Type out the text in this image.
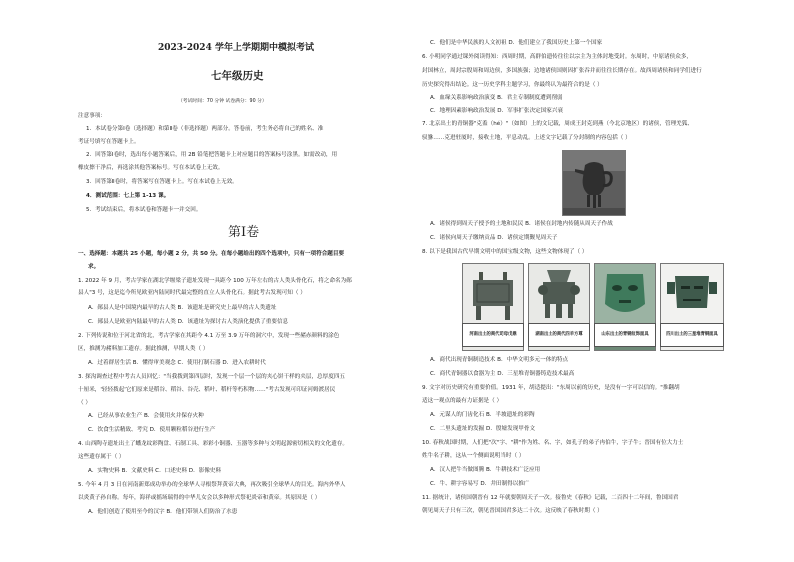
2023-2024 学年上学期期中模拟考试
七年级历史
（考试时间：70 分钟 试卷满分：90 分）
注意事项：
1．本试卷分第Ⅰ卷（选择题）和第Ⅱ卷（非选择题）两部分。答卷前，考生务必将自己的姓名、准
考证号填写在答题卡上。
2．回答第Ⅰ卷时，选出每小题答案后，用 2B 铅笔把答题卡上对应题目的答案标号涂黑。如需改动，用
橡皮擦干净后，再选涂其他答案标号。写在本试卷上无效。
3．回答第Ⅱ卷时，将答案写在答题卡上。写在本试卷上无效。
4．测试范围：七上第 1-13 课。
5．考试结束后，将本试卷和答题卡一并交回。
第Ⅰ卷
一、选择题：本题共 25 小题，每小题 2 分，共 50 分。在每小题给出的四个选项中，只有一项符合题目要
求。
1. 2022 年 9 月，考古学家在湖北学堰梁子遗址发现一具距今 100 万年左右的古人类头骨化石，将之命名为郧
县人"3 号，这是迄今所见欧亚内陆同时代最完整的直立人头骨化石。据此考古发现可知（ ）
A．郧县人是中国境内最早的古人类 B．该遗址是研究史上最早的古人类遗址
C．郧县人是欧亚内陆最早的古人类 D．该遗址为探讨古人类演化提供了重要信息
2. 下列传说和位于河北省的北，考古学家在其距今 4.1 万至 3.9 万年的洞穴中，发现一些赭赤颜料的涂色
区，推测为赭料加工遗存。据此推测，早期人类（ ）
A．过着群居生活 B．懂得审美观念 C．使用打制石器 D．进入农耕时代
3. 探沟调查过程中考古人员回忆："当我拨到第四层时，发现一个层一个层的夹心饼干样的夹层，总厚度四五
十厘米，'轻轻拨起'它们原来是稻谷、稻谷、谷壳、稻叶、稻杆等朽积物……"考古发现可印证河姆渡居民
（ ）
A．已经从事农业生产 B．会使用火并保存火种
C．饮食生活精致、考究 D．使用颗粒稻谷进行生产
4. 山西陶寺遗址出土了蟠龙纹彩陶盘、石制工具、彩彩小铜器、玉器等多种与文明起源密切相关的文化遗存。
这些遗存属于（ ）
A．实物史料 B．文献史料 C．口述史料 D．影像史料
5. 今年 4 月 3 日在河南新郑成功举办的全球华人寻根祭拜黄帝大典，再次吸引全球华人的目光。海内外华人
以炎黄子孙自称。每年，海祥或摇场瑞得的中华儿女会以多种形式祭祀炎帝和黄帝。其原因是（ ）
A．他们创造了使用至今的汉字 B．他们带领人们防治了水患
C．他们是中华民族的人文初祖 D．他们建立了我国历史上第一个国家
6. 小明同学通过课外阅读得知：西周时期，高群伯遗传往往以宗主为主体封地受封。东周时，中原诸侯众多，
封国林立，周封宗殷周和周边侯，多国族强；边地诸侯国则因扩张吞并而往往长期存在。故西周诸侯和同学们进行
历史探究得出结论。这一历史学科主题学习，你最终认为最符合的是（ ）
A．血缘关系影响政治演变 B．君主专制制度遭到削弱
C．地理因素影响政治发展 D．军事扩张决定国家兴衰
7. 北京出土的青铜器"克盉（hé）"（如图）上的文记载，周成王封克到燕（今北京地区）的诸侯，管理羌狐、
驭貅……克进驻厦时，接收土地，平息动乱。上述文字记载了分封制的内容包括（ ）
A．诸侯得到周天子授予的土地和民民 B．诸侯在封地内传随从周天子作战
C．诸侯向周天子缴纳贡品 D．诸侯定期觐见周天子
8. 以下是我国古代早期文明中的国宝级文物，这些文物体现了（ ）
河南出土的商代司母戊鼎	湖南出土的商代四羊方尊	山东出土的青铜纹饰面具	四川出土的三星堆青铜面具
A．商代出现青铜制造技术 B．中华文明多元一体的特点
C．商代青铜器以食器为主 D．三星堆青铜器铸造技术最高
9. 文字对历史研究有重要价值。1931 年，胡适提出："东周以前的历史，是没有一字可以信的。"推翻胡
适这一观点的最有力证据是（ ）
A．元谋人的门齿化石 B．半坡遗址的彩陶
C．二里头遗址的发掘 D．殷墟发现甲骨文
10. 春秋战国时期，人们把"次"字、"耕"作为姓、名、字，如孔子的弟子冉伯牛，字子牛；晋国有位大力士
姓牛名子耕，这从一个侧面说明当时（ ）
A．汉人把牛当做图腾 B．牛耕技术广泛应用
C．牛、耕字容易写 D．井田制得以推广
11. 据统计，诸侯国朝晋有 12 年就要朝周天子一次。接鲁史《春秋》记载，二百四十二年间，鲁国国君
朝见周天子只有三次，朝见晋国国君多达二十次。这反映了春秋时期（ ）
